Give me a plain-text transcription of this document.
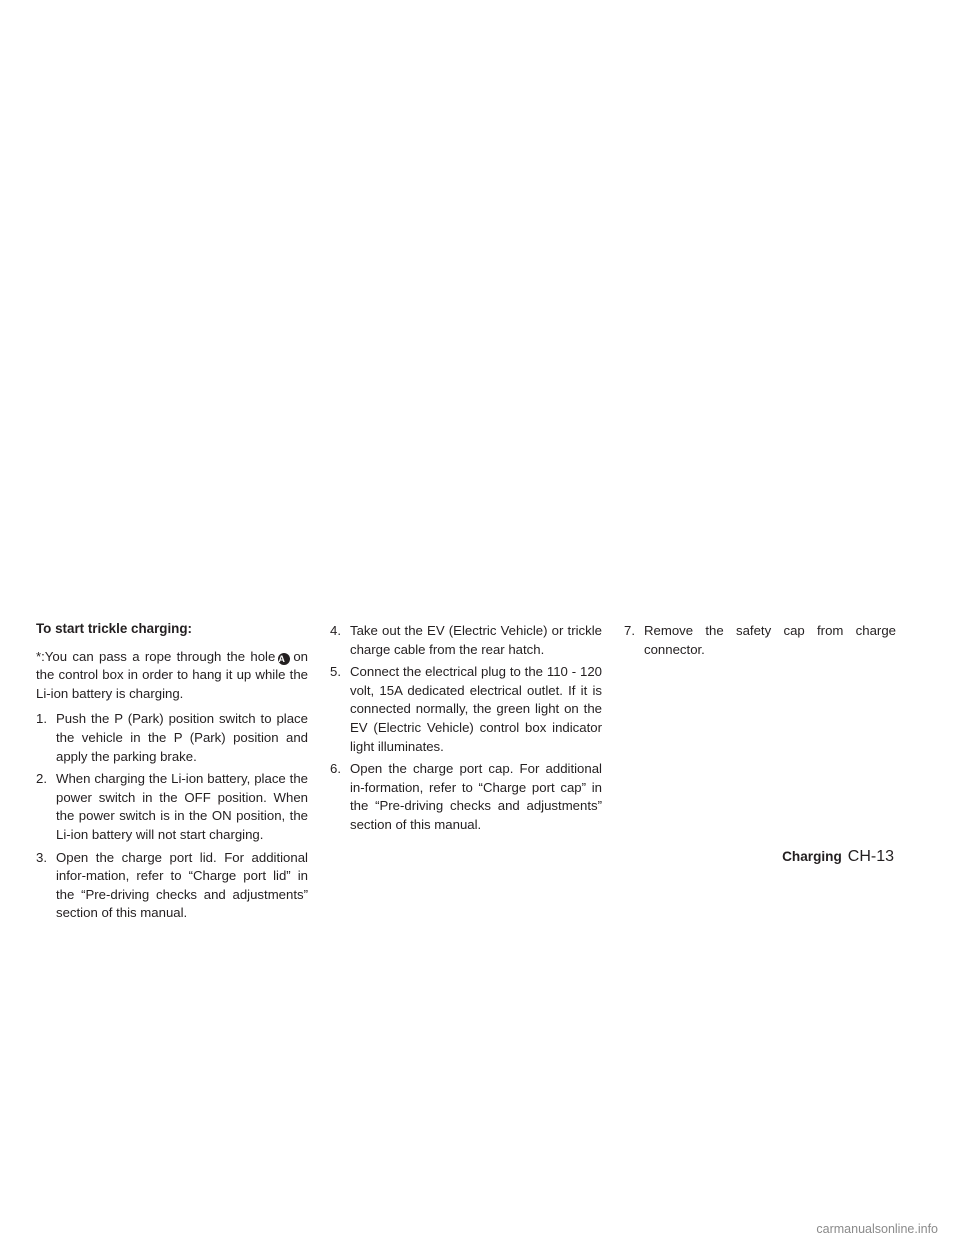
To start trickle charging:

*:You can pass a rope through the hole A on the control box in order to hang it up while the Li-ion battery is charging.

1. Push the P (Park) position switch to place the vehicle in the P (Park) position and apply the parking brake.
2. When charging the Li-ion battery, place the power switch in the OFF position. When the power switch is in the ON position, the Li-ion battery will not start charging.
3. Open the charge port lid. For additional infor-mation, refer to “Charge port lid” in the “Pre-driving checks and adjustments” section of this manual.
4. Take out the EV (Electric Vehicle) or trickle charge cable from the rear hatch.
5. Connect the electrical plug to the 110 - 120 volt, 15A dedicated electrical outlet. If it is connected normally, the green light on the EV (Electric Vehicle) control box indicator light illuminates.
6. Open the charge port cap. For additional in-formation, refer to “Charge port cap” in the “Pre-driving checks and adjustments” section of this manual.
7. Remove the safety cap from charge connector.
Charging CH-13
carmanualsonline.info
